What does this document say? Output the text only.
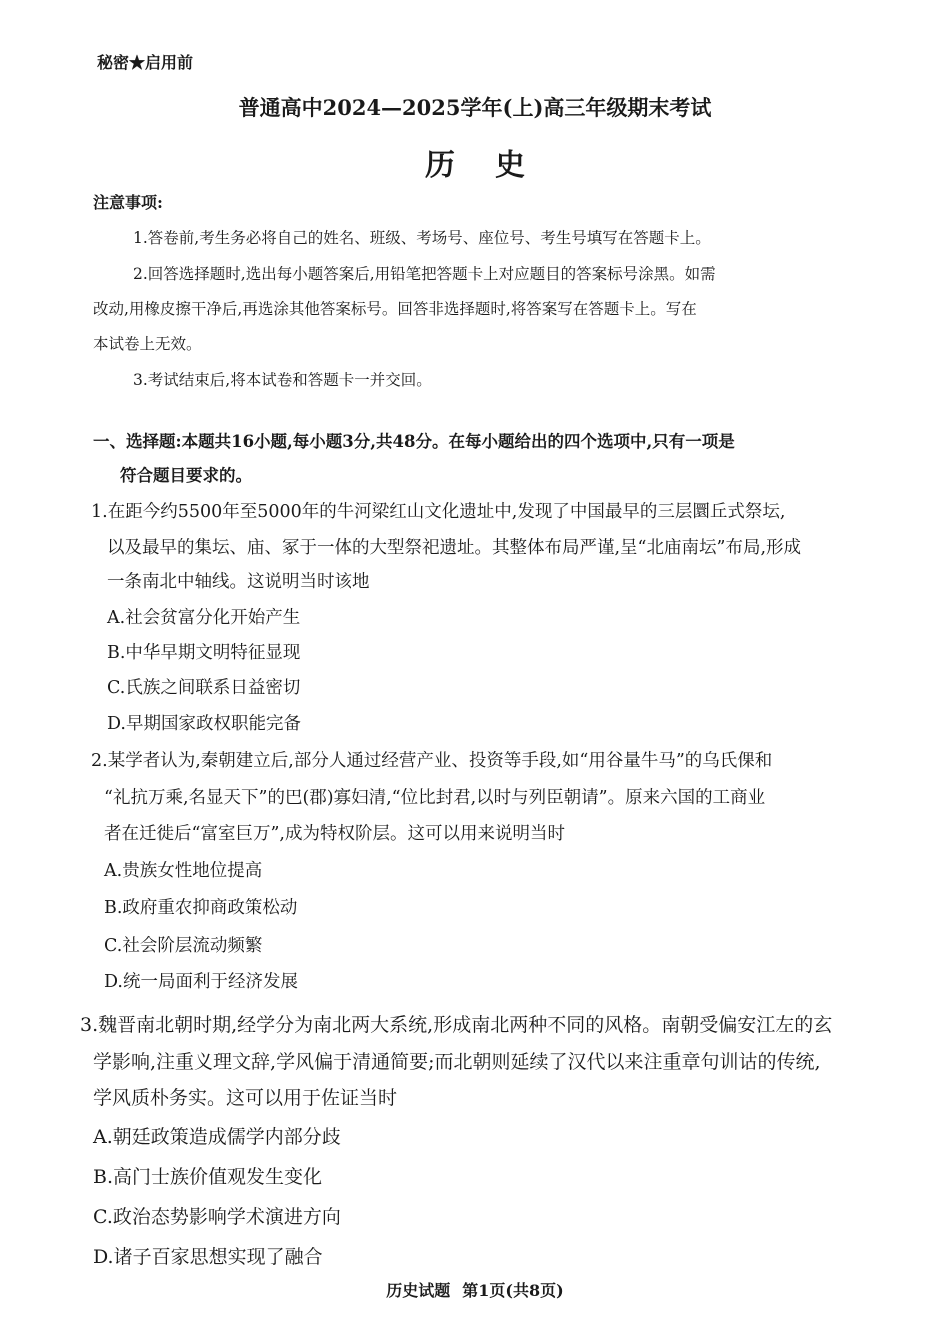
秘密★启用前
普通高中2024—2025学年(上)高三年级期末考试
历史
注意事项:
1.答卷前,考生务必将自己的姓名、班级、考场号、座位号、考生号填写在答题卡上。
2.回答选择题时,选出每小题答案后,用铅笔把答题卡上对应题目的答案标号涂黑。如需
改动,用橡皮擦干净后,再选涂其他答案标号。回答非选择题时,将答案写在答题卡上。写在
本试卷上无效。
3.考试结束后,将本试卷和答题卡一并交回。
一、选择题:本题共16小题,每小题3分,共48分。在每小题给出的四个选项中,只有一项是
符合题目要求的。
1.在距今约5500年至5000年的牛河梁红山文化遗址中,发现了中国最早的三层圜丘式祭坛,
以及最早的集坛、庙、冢于一体的大型祭祀遗址。其整体布局严谨,呈“北庙南坛”布局,形成
一条南北中轴线。这说明当时该地
A.社会贫富分化开始产生
B.中华早期文明特征显现
C.氏族之间联系日益密切
D.早期国家政权职能完备
2.某学者认为,秦朝建立后,部分人通过经营产业、投资等手段,如“用谷量牛马”的乌氏倮和
“礼抗万乘,名显天下”的巴(郡)寡妇清,“位比封君,以时与列臣朝请”。原来六国的工商业
者在迁徙后“富室巨万”,成为特权阶层。这可以用来说明当时
A.贵族女性地位提高
B.政府重农抑商政策松动
C.社会阶层流动频繁
D.统一局面利于经济发展
3.魏晋南北朝时期,经学分为南北两大系统,形成南北两种不同的风格。南朝受偏安江左的玄
学影响,注重义理文辞,学风偏于清通简要;而北朝则延续了汉代以来注重章句训诂的传统,
学风质朴务实。这可以用于佐证当时
A.朝廷政策造成儒学内部分歧
B.高门士族价值观发生变化
C.政治态势影响学术演进方向
D.诸子百家思想实现了融合
历史试题 第1页(共8页)
